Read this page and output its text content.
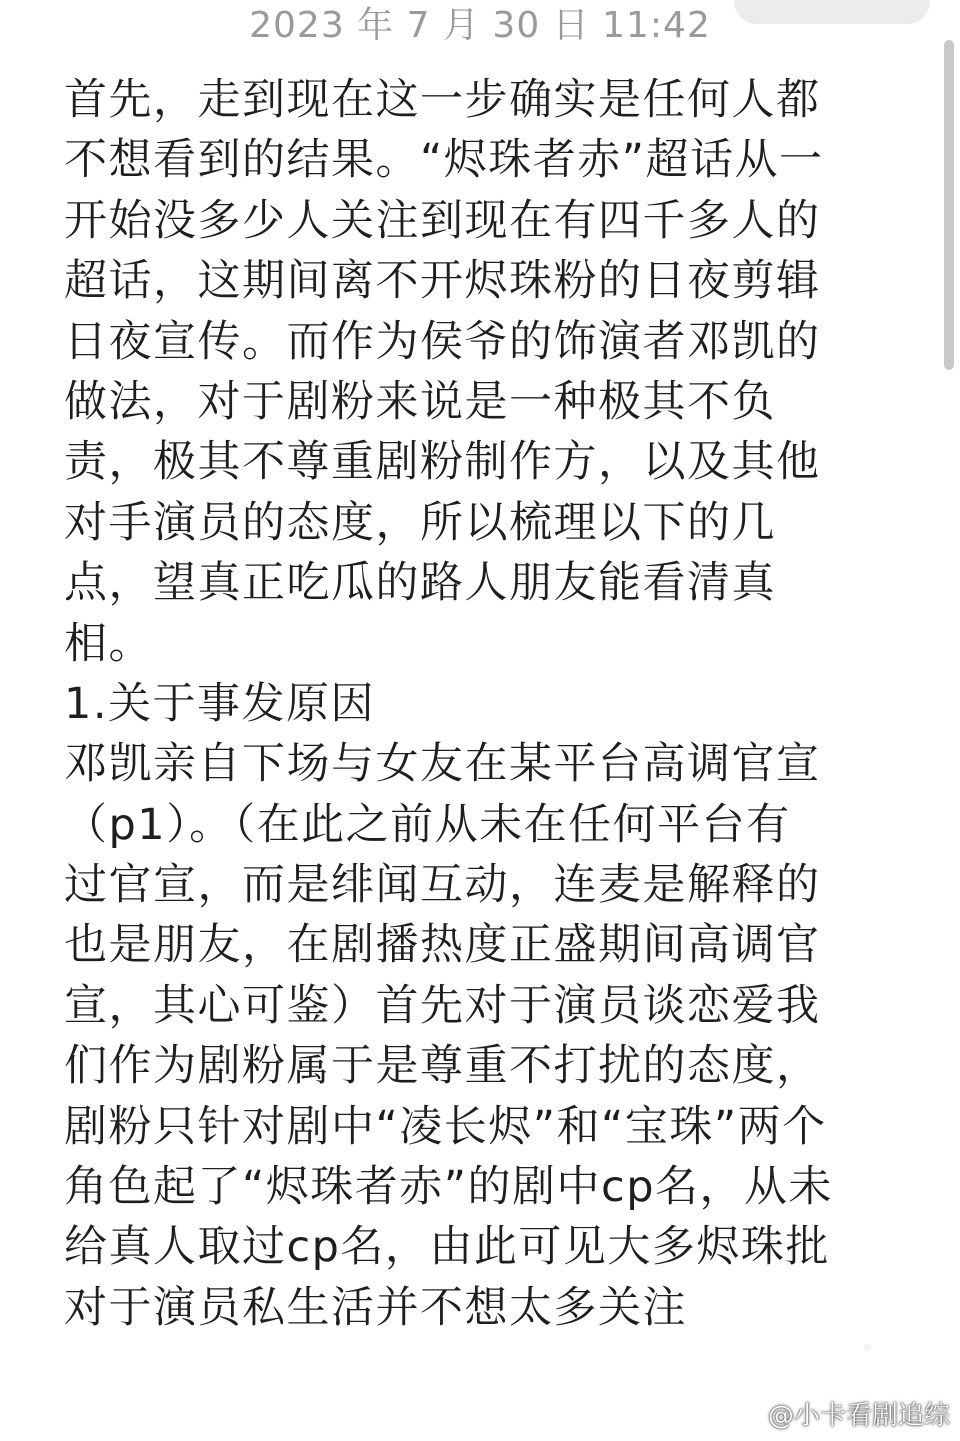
2023 年 7 月 30 日 11:42
首先，走到现在这一步确实是任何人都
不想看到的结果。“烬珠者赤”超话从一
开始没多少人关注到现在有四千多人的
超话，这期间离不开烬珠粉的日夜剪辑
日夜宣传。而作为侯爷的饰演者邓凯的
做法，对于剧粉来说是一种极其不负
责，极其不尊重剧粉制作方，以及其他
对手演员的态度，所以梳理以下的几
点，望真正吃瓜的路人朋友能看清真
相。
1.关于事发原因
邓凯亲自下场与女友在某平台高调官宣
（p1）。（在此之前从未在任何平台有
过官宣，而是绯闻互动，连麦是解释的
也是朋友，在剧播热度正盛期间高调官
宣，其心可鉴）首先对于演员谈恋爱我
们作为剧粉属于是尊重不打扰的态度，
剧粉只针对剧中“凌长烬”和“宝珠”两个
角色起了“烬珠者赤”的剧中cp名，从未
给真人取过cp名，由此可见大多烬珠批
对于演员私生活并不想太多关注
◦
@小卡看剧追综
